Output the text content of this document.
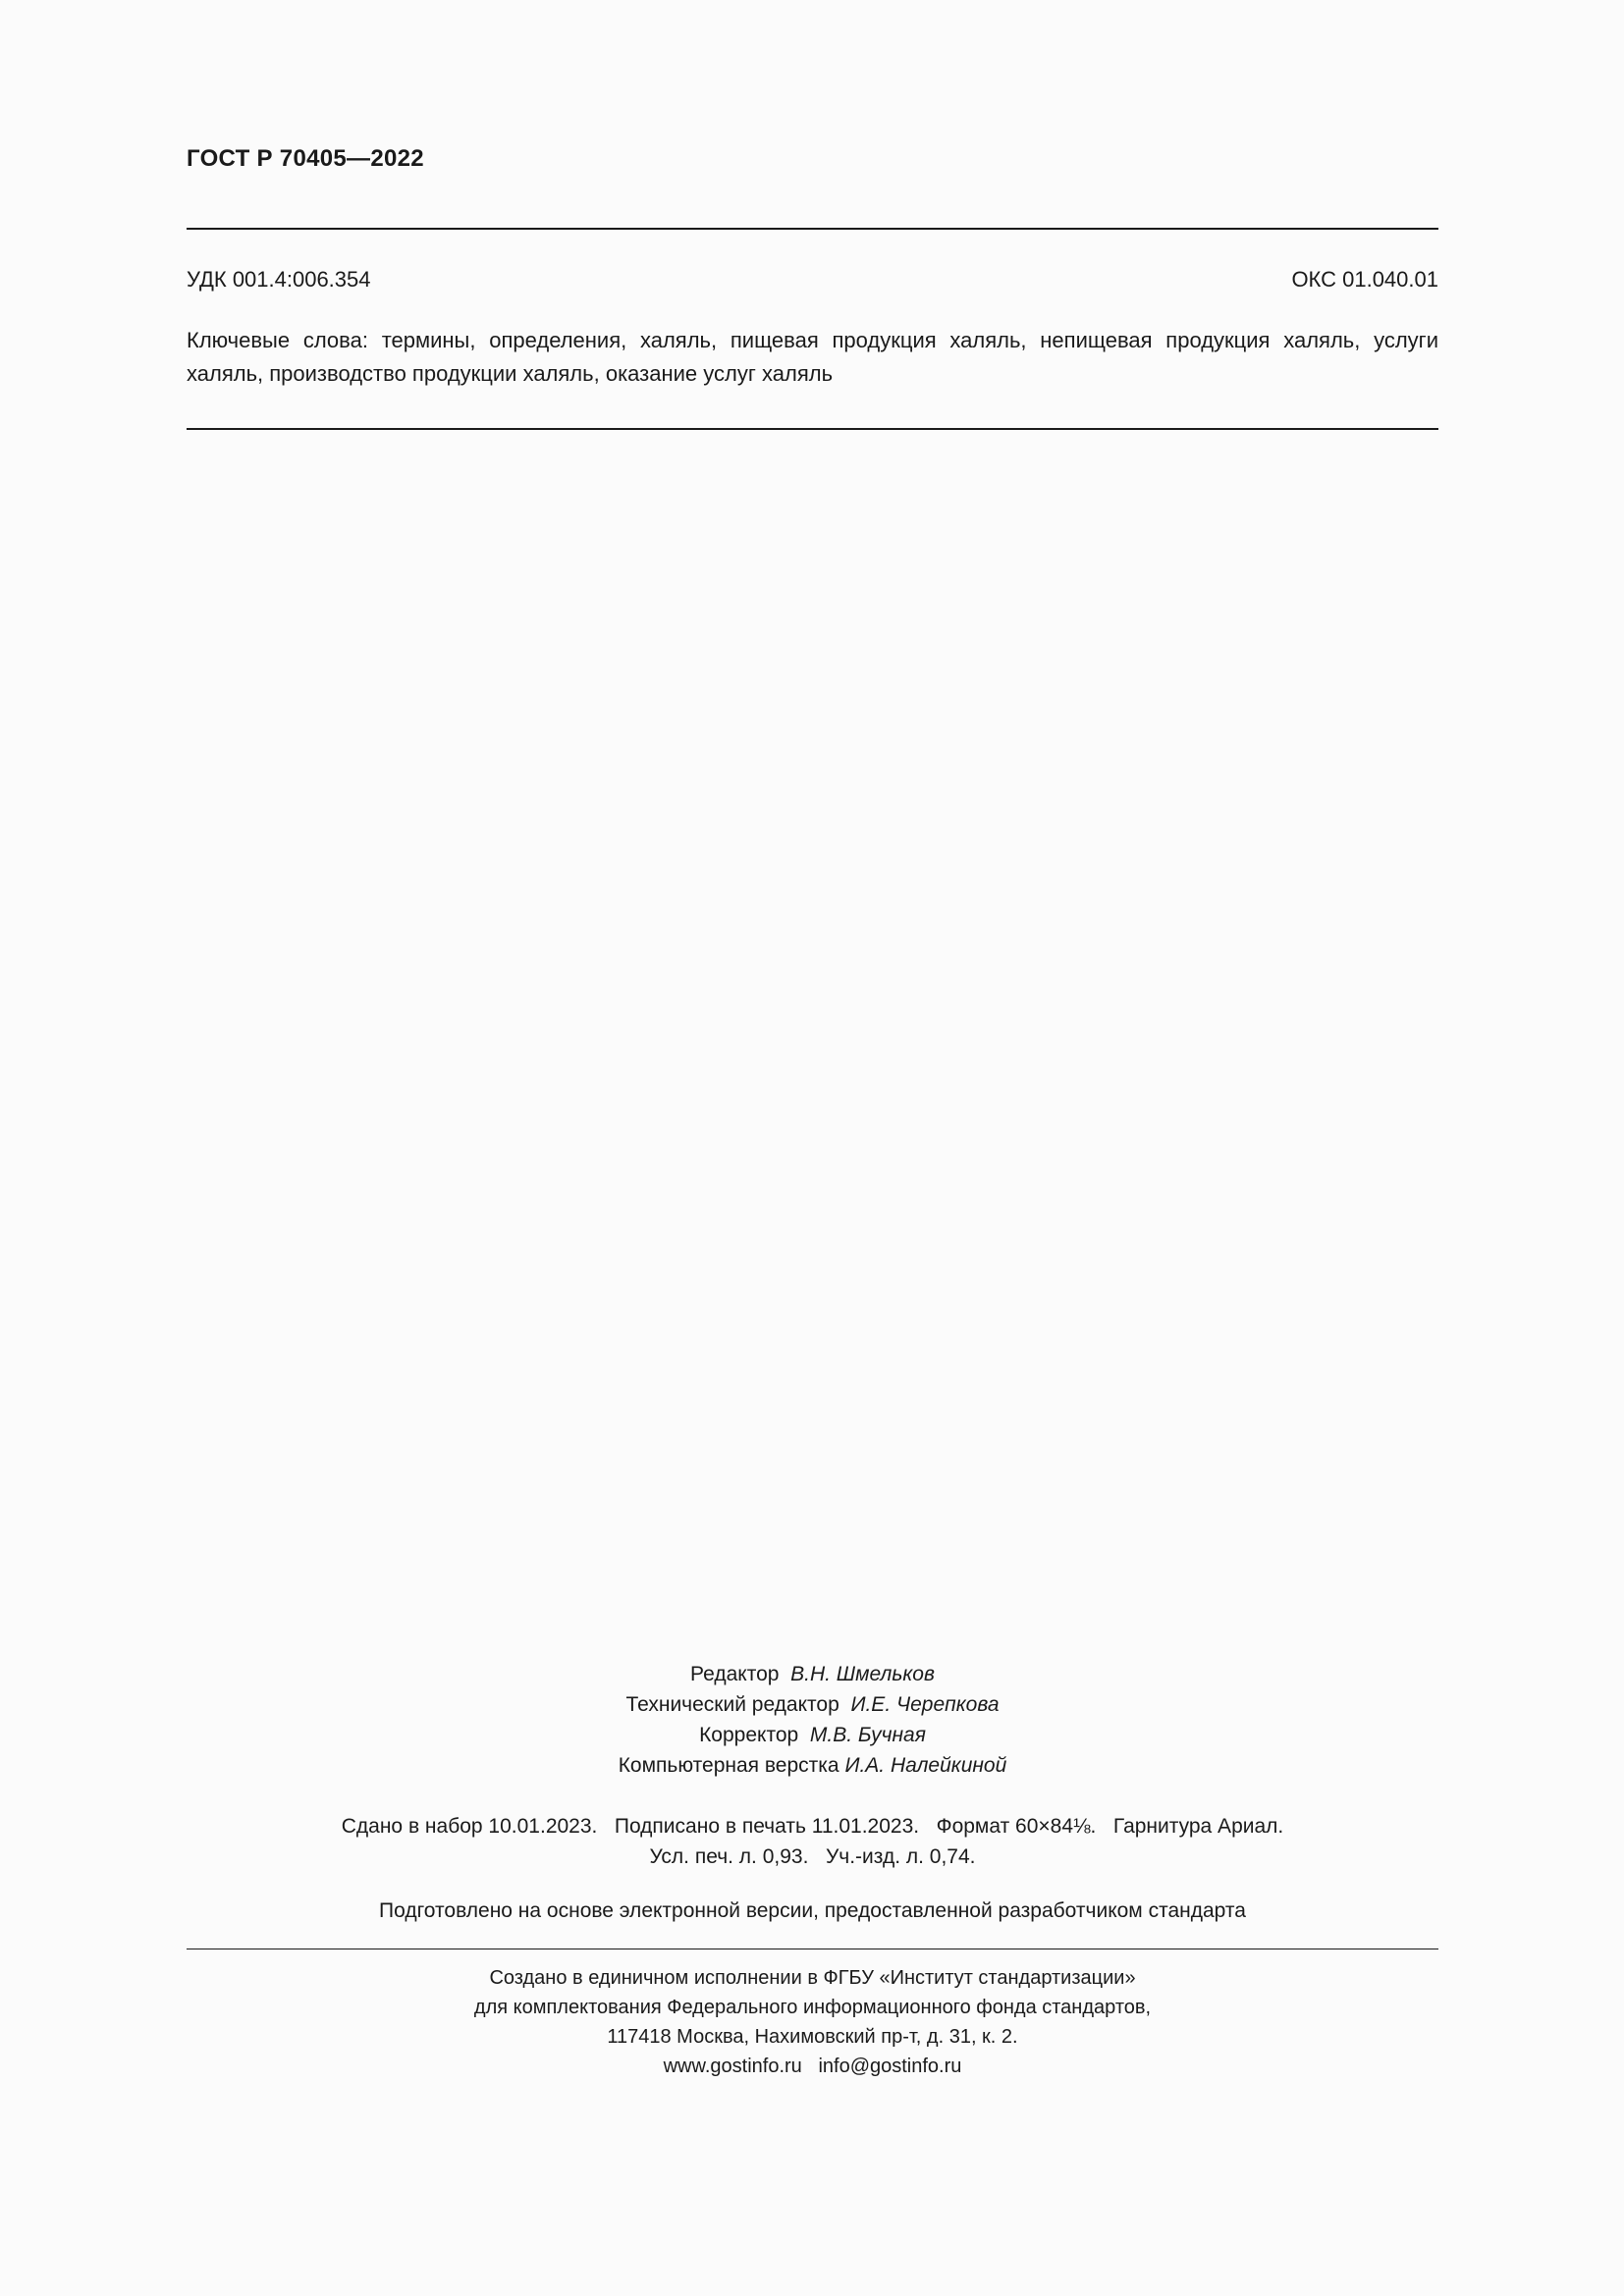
ГОСТ Р 70405—2022
УДК 001.4:006.354	ОКС 01.040.01
Ключевые слова: термины, определения, халяль, пищевая продукция халяль, непищевая продукция халяль, услуги халяль, производство продукции халяль, оказание услуг халяль
Редактор  В.Н. Шмельков
Технический редактор  И.Е. Черепкова
Корректор  М.В. Бучная
Компьютерная верстка И.А. Налейкиной
Сдано в набор 10.01.2023.   Подписано в печать 11.01.2023.   Формат 60×84⅛.   Гарнитура Ариал.
Усл. печ. л. 0,93.   Уч.-изд. л. 0,74.
Подготовлено на основе электронной версии, предоставленной разработчиком стандарта
Создано в единичном исполнении в ФГБУ «Институт стандартизации»
для комплектования Федерального информационного фонда стандартов,
117418 Москва, Нахимовский пр-т, д. 31, к. 2.
www.gostinfo.ru   info@gostinfo.ru
